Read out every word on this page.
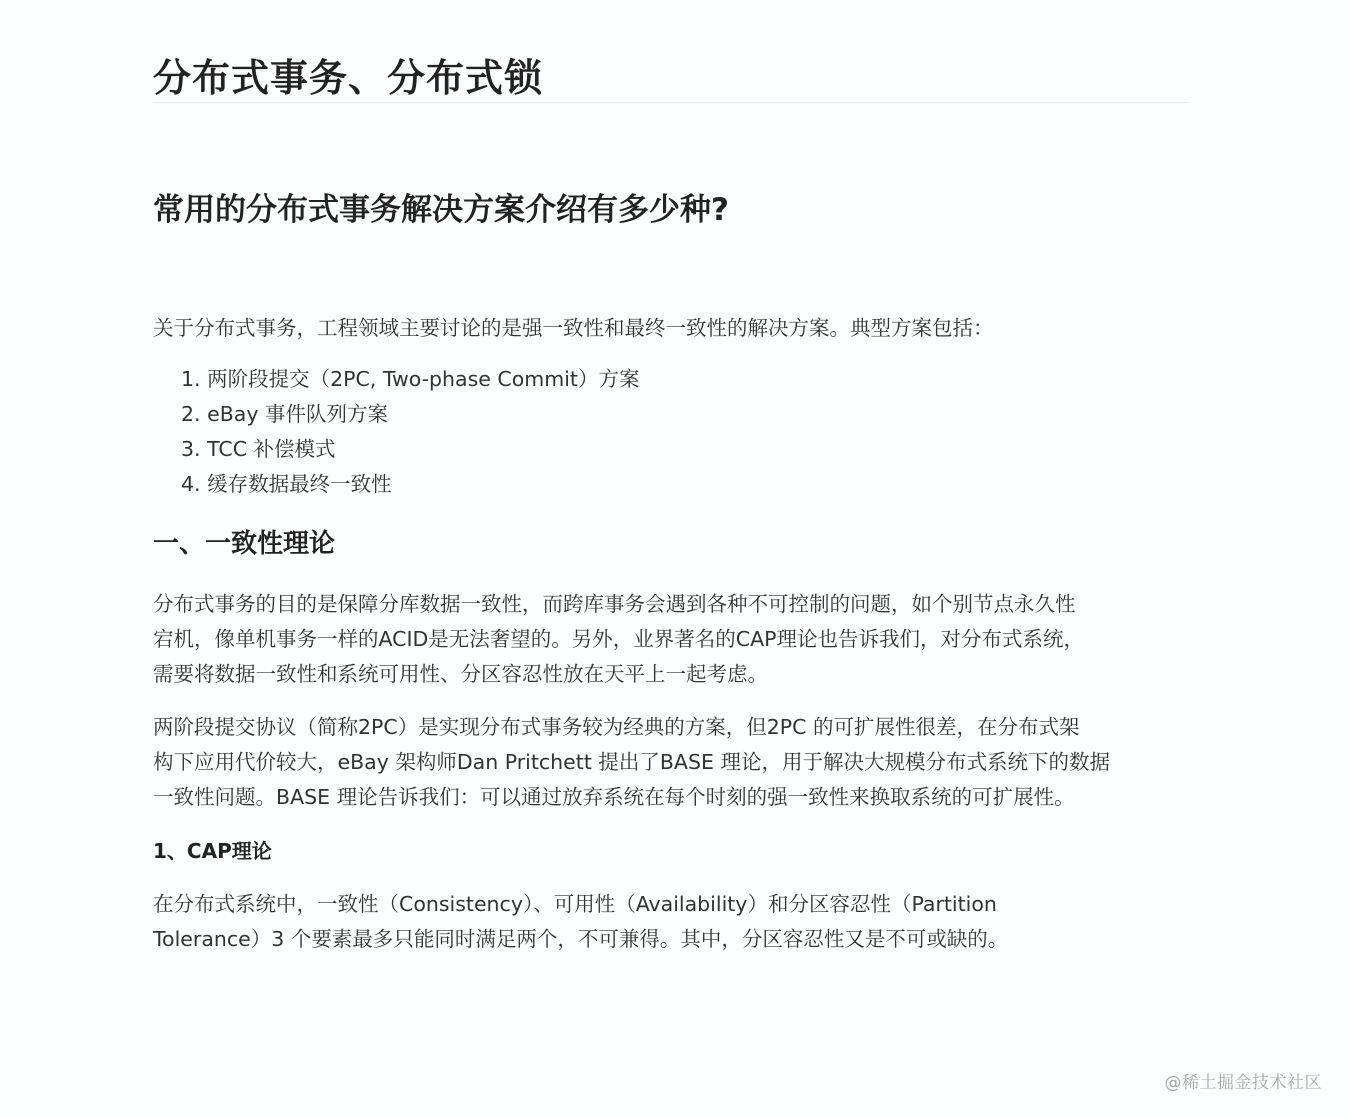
分布式事务、分布式锁
常用的分布式事务解决方案介绍有多少种?

关于分布式事务，工程领域主要讨论的是强一致性和最终一致性的解决方案。典型方案包括：

1. 两阶段提交（2PC, Two-phase Commit）方案
2. eBay 事件队列方案
3. TCC 补偿模式
4. 缓存数据最终一致性
一、一致性理论

分布式事务的目的是保障分库数据一致性，而跨库事务会遇到各种不可控制的问题，如个别节点永久性
宕机，像单机事务一样的ACID是无法奢望的。另外，业界著名的CAP理论也告诉我们，对分布式系统，
需要将数据一致性和系统可用性、分区容忍性放在天平上一起考虑。

两阶段提交协议（简称2PC）是实现分布式事务较为经典的方案，但2PC 的可扩展性很差，在分布式架
构下应用代价较大，eBay 架构师Dan Pritchett 提出了BASE 理论，用于解决大规模分布式系统下的数据
一致性问题。BASE 理论告诉我们：可以通过放弃系统在每个时刻的强一致性来换取系统的可扩展性。

1、CAP理论

在分布式系统中，一致性（Consistency）、可用性（Availability）和分区容忍性（Partition
Tolerance）3 个要素最多只能同时满足两个，不可兼得。其中，分区容忍性又是不可或缺的。

@稀土掘金技术社区
